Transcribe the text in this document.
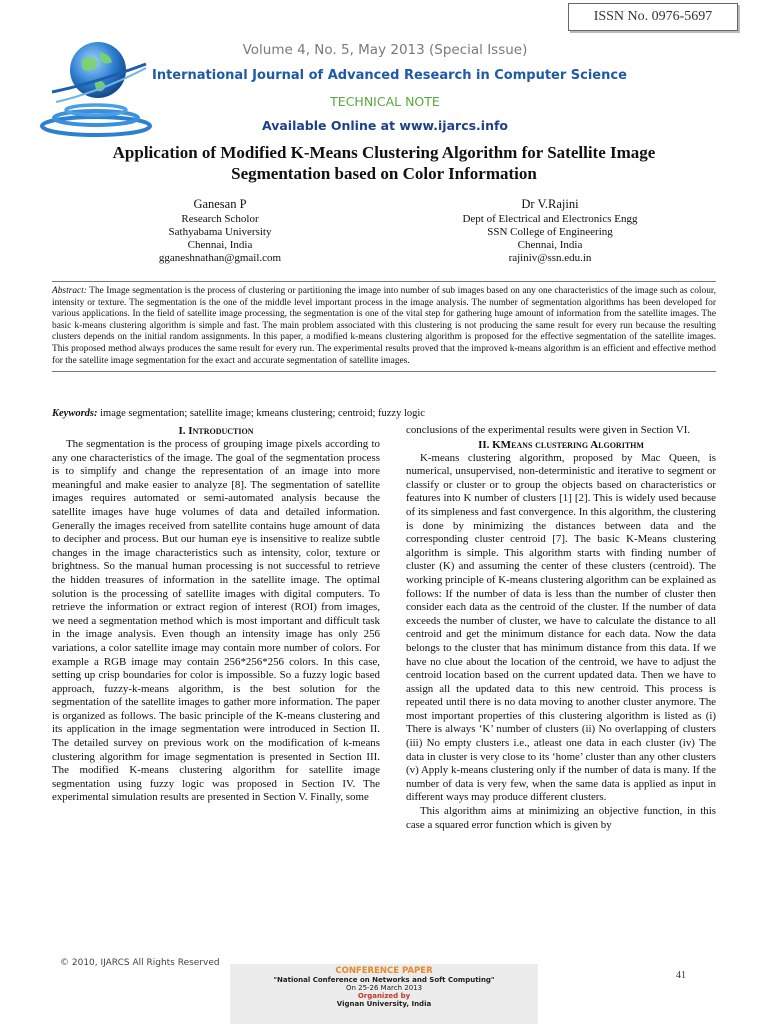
ISSN No. 0976-5697
Volume 4, No. 5, May 2013 (Special Issue)
International Journal of Advanced Research in Computer Science
TECHNICAL NOTE
Available Online at www.ijarcs.info
Application of Modified K-Means Clustering Algorithm for Satellite Image
Segmentation based on Color Information
Ganesan P
Research Scholor
Sathyabama University
Chennai, India
gganeshnathan@gmail.com
Dr V.Rajini
Dept of Electrical and Electronics Engg
SSN College of Engineering
Chennai, India
rajiniv@ssn.edu.in
Abstract: The Image segmentation is the process of clustering or partitioning the image into number of sub images based on any one characteristics of the image such as colour, intensity or texture. The segmentation is the one of the middle level important process in the image analysis. The number of segmentation algorithms has been developed for various applications. In the field of satellite image processing, the segmentation is one of the vital step for gathering huge amount of information from the satellite images. The basic k-means clustering algorithm is simple and fast. The main problem associated with this clustering is not producing the same result for every run because the resulting clusters depends on the initial random assignments. In this paper, a modified k-means clustering algorithm is proposed for the effective segmentation of the satellite images. This proposed method always produces the same result for every run. The experimental results proved that the improved k-means algorithm is an efficient and effective method for the satellite image segmentation for the exact and accurate segmentation of satellite images.
Keywords: image segmentation; satellite image; kmeans clustering; centroid; fuzzy logic
I. Introduction

The segmentation is the process of grouping image pixels according to any one characteristics of the image. The goal of the segmentation process is to simplify and change the representation of an image into more meaningful and make easier to analyze [8]. The segmentation of satellite images requires automated or semi-automated analysis because the satellite images have huge volumes of data and detailed information. Generally the images received from satellite contains huge amount of data to decipher and process. But our human eye is insensitive to realize subtle changes in the image characteristics such as intensity, color, texture or brightness. So the manual human processing is not successful to retrieve the hidden treasures of information in the satellite image. The optimal solution is the processing of satellite images with digital computers. To retrieve the information or extract region of interest (ROI) from images, we need a segmentation method which is most important and difficult task in the image analysis. Even though an intensity image has only 256 variations, a color satellite image may contain more number of colors. For example a RGB image may contain 256*256*256 colors. In this case, setting up crisp boundaries for color is impossible. So a fuzzy logic based approach, fuzzy-k-means algorithm, is the best solution for the segmentation of the satellite images to gather more information. The paper is organized as follows. The basic principle of the K-means clustering and its application in the image segmentation were introduced in Section II. The detailed survey on previous work on the modification of k-means clustering algorithm for image segmentation is presented in Section III. The modified K-means clustering algorithm for satellite image segmentation using fuzzy logic was proposed in Section IV. The experimental simulation results are presented in Section V. Finally, some

conclusions of the experimental results were given in Section VI.

II. KMeans clustering Algorithm

K-means clustering algorithm, proposed by Mac Queen, is numerical, unsupervised, non-deterministic and iterative to segment or classify or cluster or to group the objects based on characteristics or features into K number of clusters [1] [2]. This is widely used because of its simpleness and fast convergence. In this algorithm, the clustering is done by minimizing the distances between data and the corresponding cluster centroid [7]. The basic K-Means clustering algorithm is simple. This algorithm starts with finding number of cluster (K) and assuming the center of these clusters (centroid). The working principle of K-means clustering algorithm can be explained as follows: If the number of data is less than the number of cluster then consider each data as the centroid of the cluster. If the number of data exceeds the number of cluster, we have to calculate the distance to all centroid and get the minimum distance for each data. Now the data belongs to the cluster that has minimum distance from this data. If we have no clue about the location of the centroid, we have to adjust the centroid location based on the current updated data. Then we have to assign all the updated data to this new centroid. This process is repeated until there is no data moving to another cluster anymore. The most important properties of this clustering algorithm is listed as (i) There is always ‘K’ number of clusters (ii) No overlapping of clusters (iii) No empty clusters i.e., atleast one data in each cluster (iv) The data in cluster is very close to its ‘home’ cluster than any other clusters (v) Apply k-means clustering only if the number of data is many. If the number of data is very few, when the same data is applied as input in different ways may produce different clusters.

This algorithm aims at minimizing an objective function, in this case a squared error function which is given by

© 2010, IJARCS All Rights Reserved
CONFERENCE PAPER
"National Conference on Networks and Soft Computing"
On 25-26 March 2013
Organized by
Vignan University, India
41
